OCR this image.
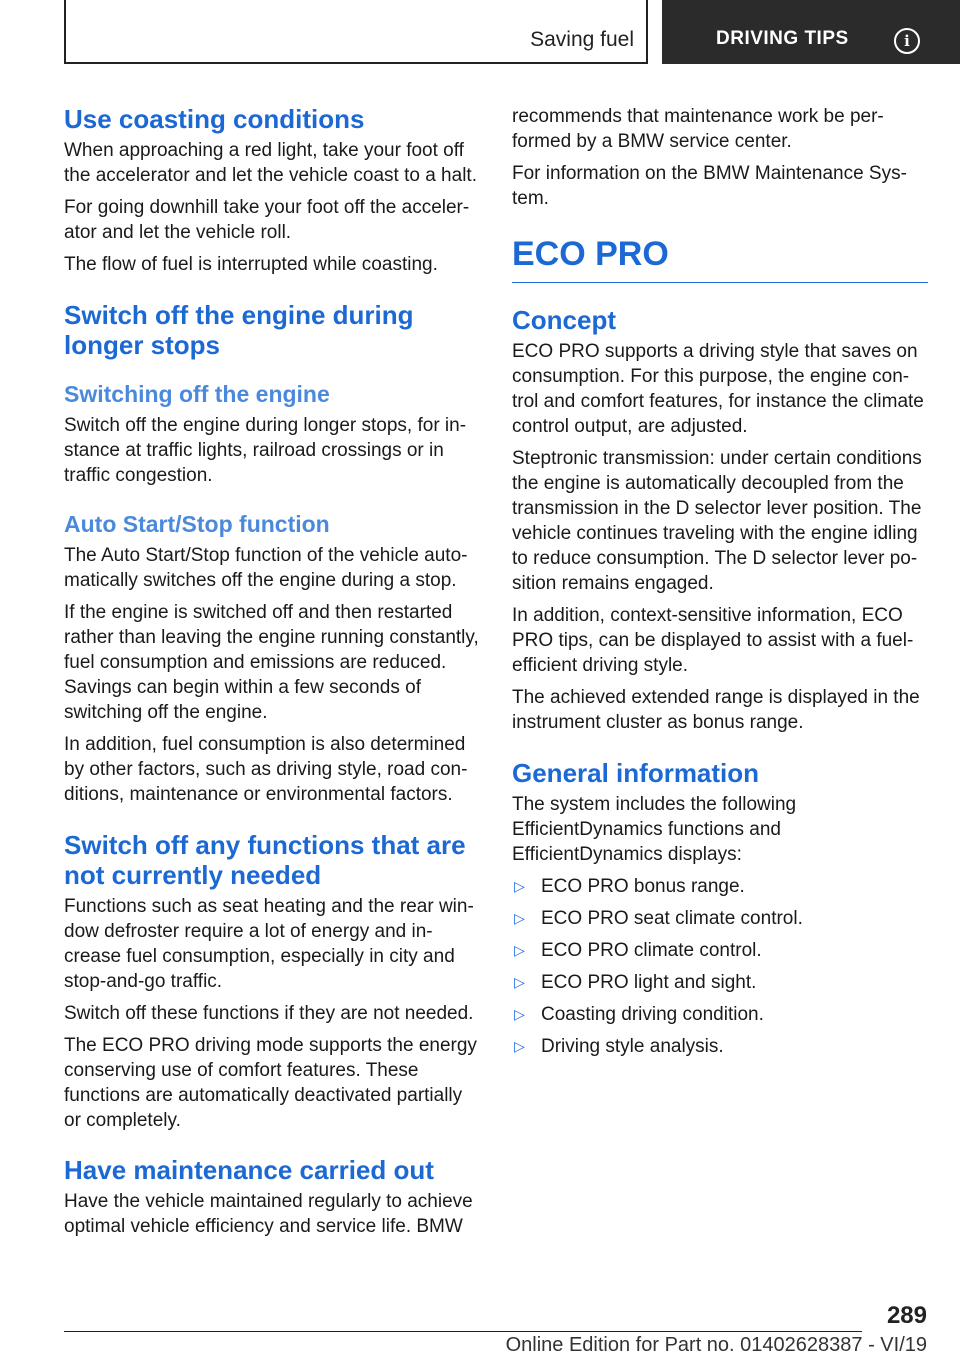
Saving fuel	DRIVING TIPS	i
Use coasting conditions

When approaching a red light, take your foot off the accelerator and let the vehicle coast to a halt.

For going downhill take your foot off the accelerator and let the vehicle roll.

The flow of fuel is interrupted while coasting.

Switch off the engine during longer stops
Switching off the engine

Switch off the engine during longer stops, for instance at traffic lights, railroad crossings or in traffic congestion.

Auto Start/Stop function

The Auto Start/Stop function of the vehicle automatically switches off the engine during a stop.

If the engine is switched off and then restarted rather than leaving the engine running constantly, fuel consumption and emissions are reduced. Savings can begin within a few seconds of switching off the engine.

In addition, fuel consumption is also determined by other factors, such as driving style, road conditions, maintenance or environmental factors.

Switch off any functions that are not currently needed

Functions such as seat heating and the rear window defroster require a lot of energy and increase fuel consumption, especially in city and stop-and-go traffic.

Switch off these functions if they are not needed.

The ECO PRO driving mode supports the energy conserving use of comfort features. These functions are automatically deactivated partially or completely.

Have maintenance carried out

Have the vehicle maintained regularly to achieve optimal vehicle efficiency and service life. BMW

recommends that maintenance work be performed by a BMW service center.

For information on the BMW Maintenance System.

ECO PRO
Concept

ECO PRO supports a driving style that saves on consumption. For this purpose, the engine control and comfort features, for instance the climate control output, are adjusted.

Steptronic transmission: under certain conditions the engine is automatically decoupled from the transmission in the D selector lever position. The vehicle continues traveling with the engine idling to reduce consumption. The D selector lever position remains engaged.

In addition, context-sensitive information, ECO PRO tips, can be displayed to assist with a fuel-efficient driving style.

The achieved extended range is displayed in the instrument cluster as bonus range.

General information

The system includes the following EfficientDynamics functions and EfficientDynamics displays:

▷ ECO PRO bonus range.
▷ ECO PRO seat climate control.
▷ ECO PRO climate control.
▷ ECO PRO light and sight.
▷ Coasting driving condition.
▷ Driving style analysis.
289
Online Edition for Part no. 01402628387 - VI/19
